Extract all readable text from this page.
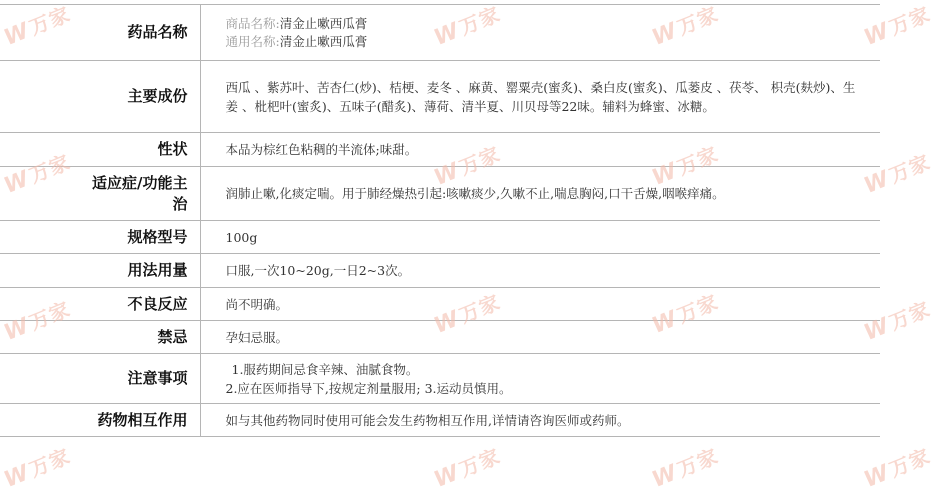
W万家	W万家	W万家	W万家
W万家	W万家	W万家
W万家
W万家	W万家	W万家
W万家
W万家	W万家	W万家	W万家
药品名称	商品名称:清金止嗽西瓜膏
通用名称:清金止嗽西瓜膏

主要成份	西瓜 、紫苏叶、苦杏仁(炒)、桔梗、麦冬 、麻黄、罂粟壳(蜜炙)、桑白皮(蜜炙)、瓜蒌皮 、茯苓、 枳壳(麸炒)、生姜 、枇杷叶(蜜炙)、五味子(醋炙)、薄荷、清半夏、川贝母等22味。辅料为蜂蜜、冰糖。
性状	本品为棕红色粘稠的半流体;味甜。
适应症/功能主
治	润肺止嗽,化痰定喘。用于肺经燥热引起:咳嗽痰少,久嗽不止,喘息胸闷,口干舌燥,咽喉痒痛。
规格型号	100g
用法用量	口服,一次10~20g,一日2~3次。
不良反应	尚不明确。
禁忌	孕妇忌服。
注意事项	1.服药期间忌食辛辣、油腻食物。
2.应在医师指导下,按规定剂量服用; 3.运动员慎用。

药物相互作用	如与其他药物同时使用可能会发生药物相互作用,详情请咨询医师或药师。
